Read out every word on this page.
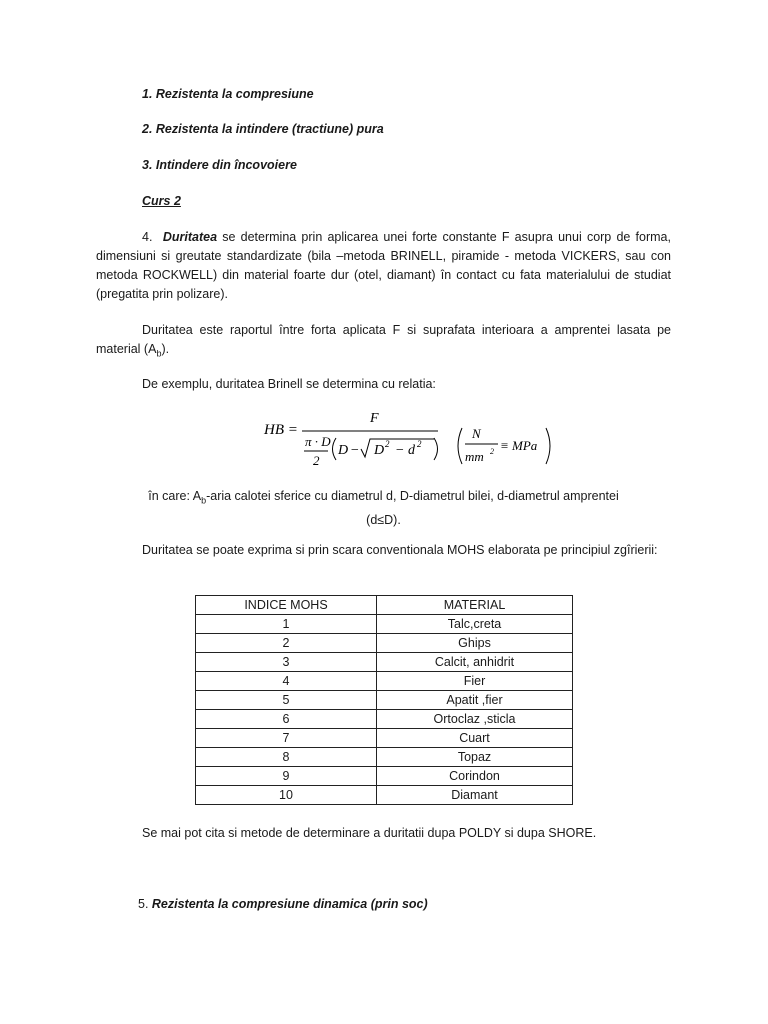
1. Rezistenta la compresiune
2. Rezistenta la intindere (tractiune) pura
3. Intindere din încovoiere
Curs 2
4. Duritatea se determina prin aplicarea unei forte constante F asupra unui corp de forma, dimensiuni si greutate standardizate (bila –metoda BRINELL, piramide - metoda VICKERS, sau con metoda ROCKWELL) din material foarte dur (otel, diamant) în contact cu fata materialului de studiat (pregatita prin polizare).
Duritatea este raportul între forta aplicata F si suprafata interioara a amprentei lasata pe material $(A_b)$.
De exemplu, duritatea Brinell se determina cu relatia:
HB =
F
π · D
2
D − D 2 − d 2
N
mm 2 ≡ MPa
în care: $A_b$-aria calotei sferice cu diametrul d, D-diametrul bilei, d-diametrul amprentei
(d≤D).
Duritatea se poate exprima si prin scara conventionala MOHS elaborata pe principiul zgîrierii:
INDICE MOHS	MATERIAL
1	Talc,creta
2	Ghips
3	Calcit, anhidrit
4	Fier
5	Apatit ,fier
6	Ortoclaz ,sticla
7	Cuart
8	Topaz
9	Corindon
10	Diamant
Se mai pot cita si metode de determinare a duritatii dupa POLDY si dupa SHORE.
5. Rezistenta la compresiune dinamica (prin soc)
